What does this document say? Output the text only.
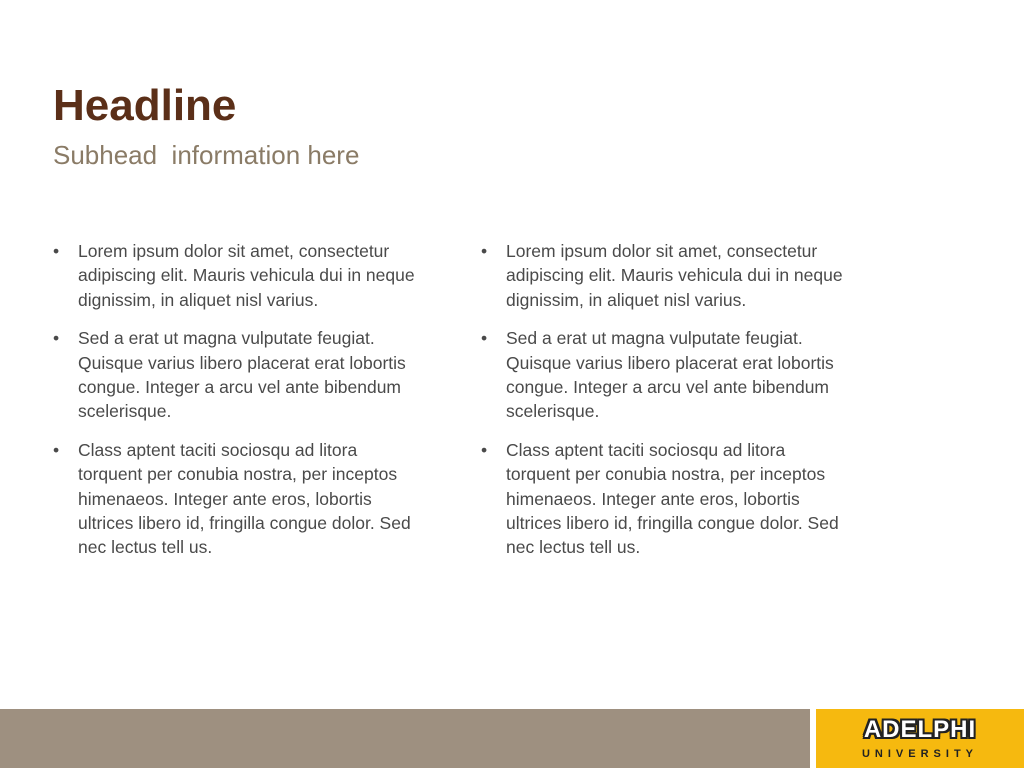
Headline
Subhead  information here
• Lorem ipsum dolor sit amet, consectetur adipiscing elit. Mauris vehicula dui in neque dignissim, in aliquet nisl varius.
• Sed a erat ut magna vulputate feugiat. Quisque varius libero placerat erat lobortis congue. Integer a arcu vel ante bibendum scelerisque.
• Class aptent taciti sociosqu ad litora torquent per conubia nostra, per inceptos himenaeos. Integer ante eros, lobortis ultrices libero id, fringilla congue dolor. Sed nec lectus tell us.
• Lorem ipsum dolor sit amet, consectetur adipiscing elit. Mauris vehicula dui in neque dignissim, in aliquet nisl varius.
• Sed a erat ut magna vulputate feugiat. Quisque varius libero placerat erat lobortis congue. Integer a arcu vel ante bibendum scelerisque.
• Class aptent taciti sociosqu ad litora torquent per conubia nostra, per inceptos himenaeos. Integer ante eros, lobortis ultrices libero id, fringilla congue dolor. Sed nec lectus tell us.
ADELPHI
UNIVERSITY
